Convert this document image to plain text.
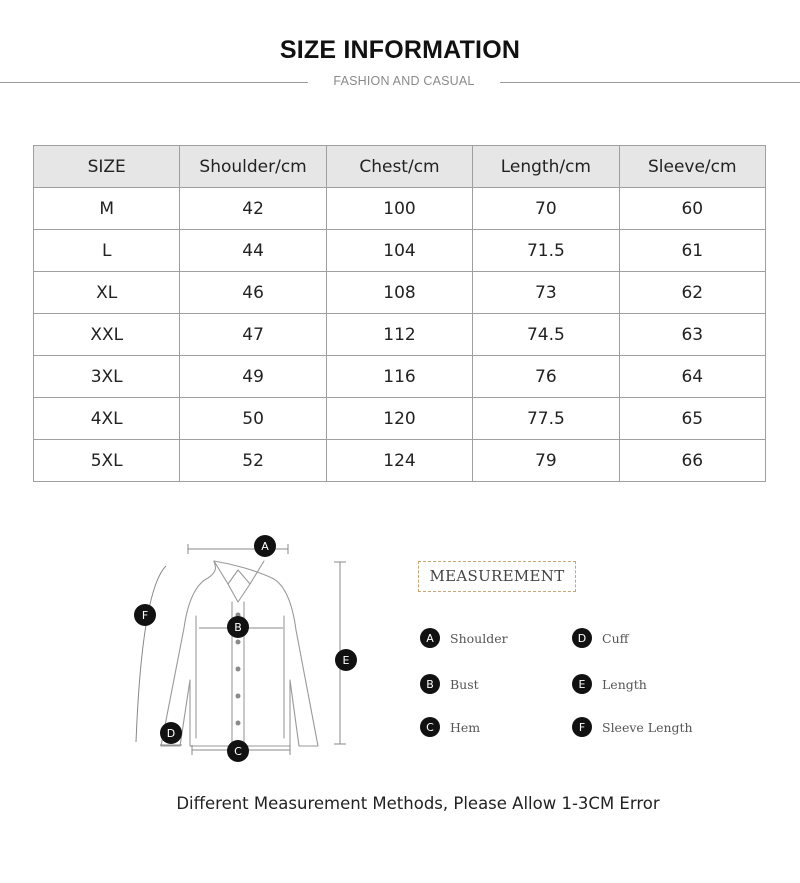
SIZE INFORMATION
FASHION AND CASUAL
SIZE	Shoulder/cm	Chest/cm	Length/cm	Sleeve/cm
M	42	100	70	60
L	44	104	71.5	61
XL	46	108	73	62
XXL	47	112	74.5	63
3XL	49	116	76	64
4XL	50	120	77.5	65
5XL	52	124	79	66
A
B
C
D
E
F
MEASUREMENT
A	Shoulder
B	Bust
C	Hem
D	Cuff
E	Length
F	Sleeve Length
Different Measurement Methods, Please Allow 1-3CM Error
